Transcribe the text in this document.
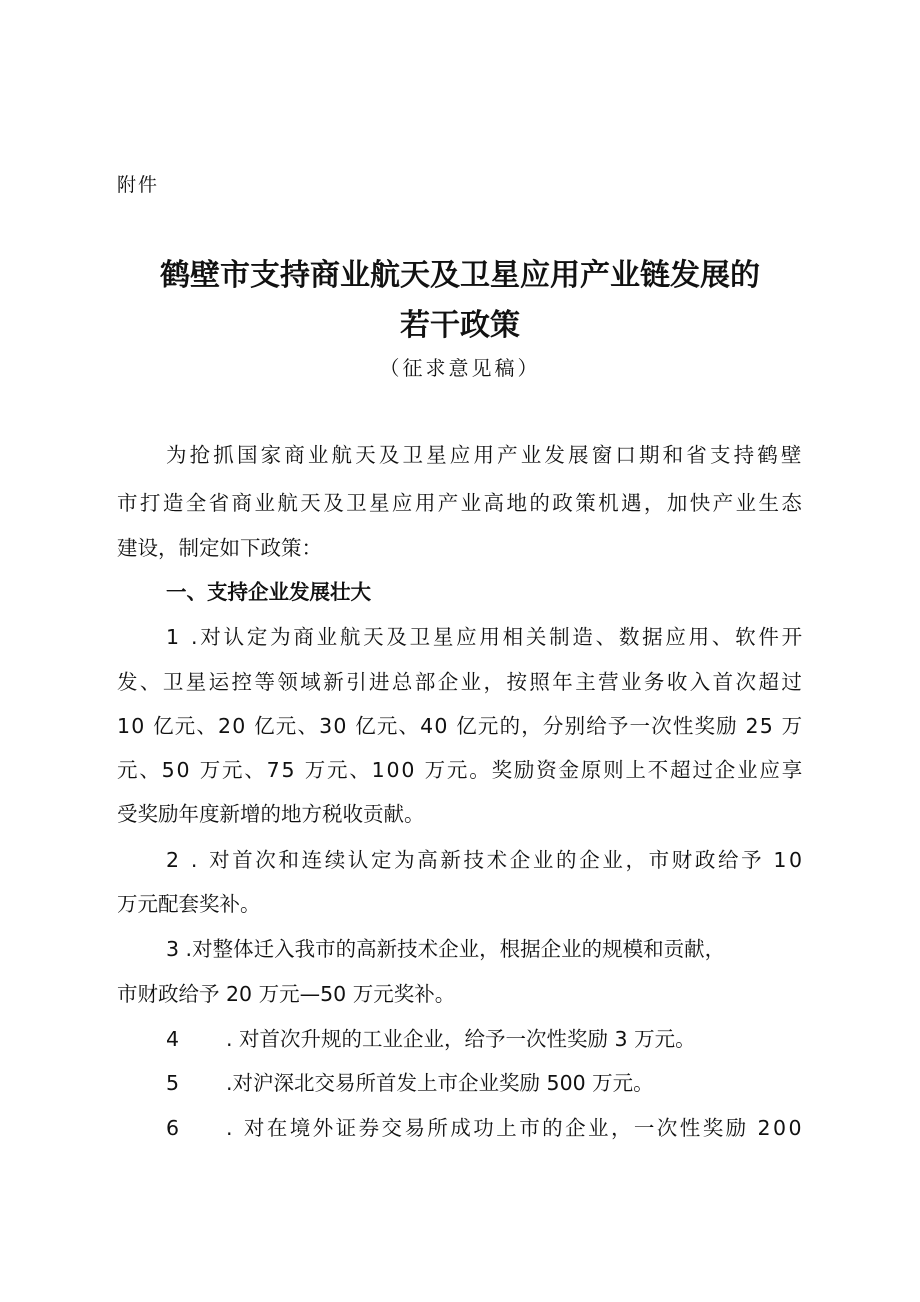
附件
鹤壁市支持商业航天及卫星应用产业链发展的
若干政策
（征求意见稿）
为抢抓国家商业航天及卫星应用产业发展窗口期和省支持鹤壁
市打造全省商业航天及卫星应用产业高地的政策机遇，加快产业生态
建设，制定如下政策：
一、支持企业发展壮大
1 .对认定为商业航天及卫星应用相关制造、数据应用、软件开
发、卫星运控等领域新引进总部企业，按照年主营业务收入首次超过
10 亿元、20 亿元、30 亿元、40 亿元的，分别给予一次性奖励 25 万
元、50 万元、75 万元、100 万元。奖励资金原则上不超过企业应享
受奖励年度新增的地方税收贡献。
2 . 对首次和连续认定为高新技术企业的企业，市财政给予 10
万元配套奖补。
3 .对整体迁入我市的高新技术企业，根据企业的规模和贡献，
市财政给予 20 万元—50 万元奖补。
4 . 对首次升规的工业企业，给予一次性奖励 3 万元。
5 .对沪深北交易所首发上市企业奖励 500 万元。
6 . 对在境外证券交易所成功上市的企业，一次性奖励 200
